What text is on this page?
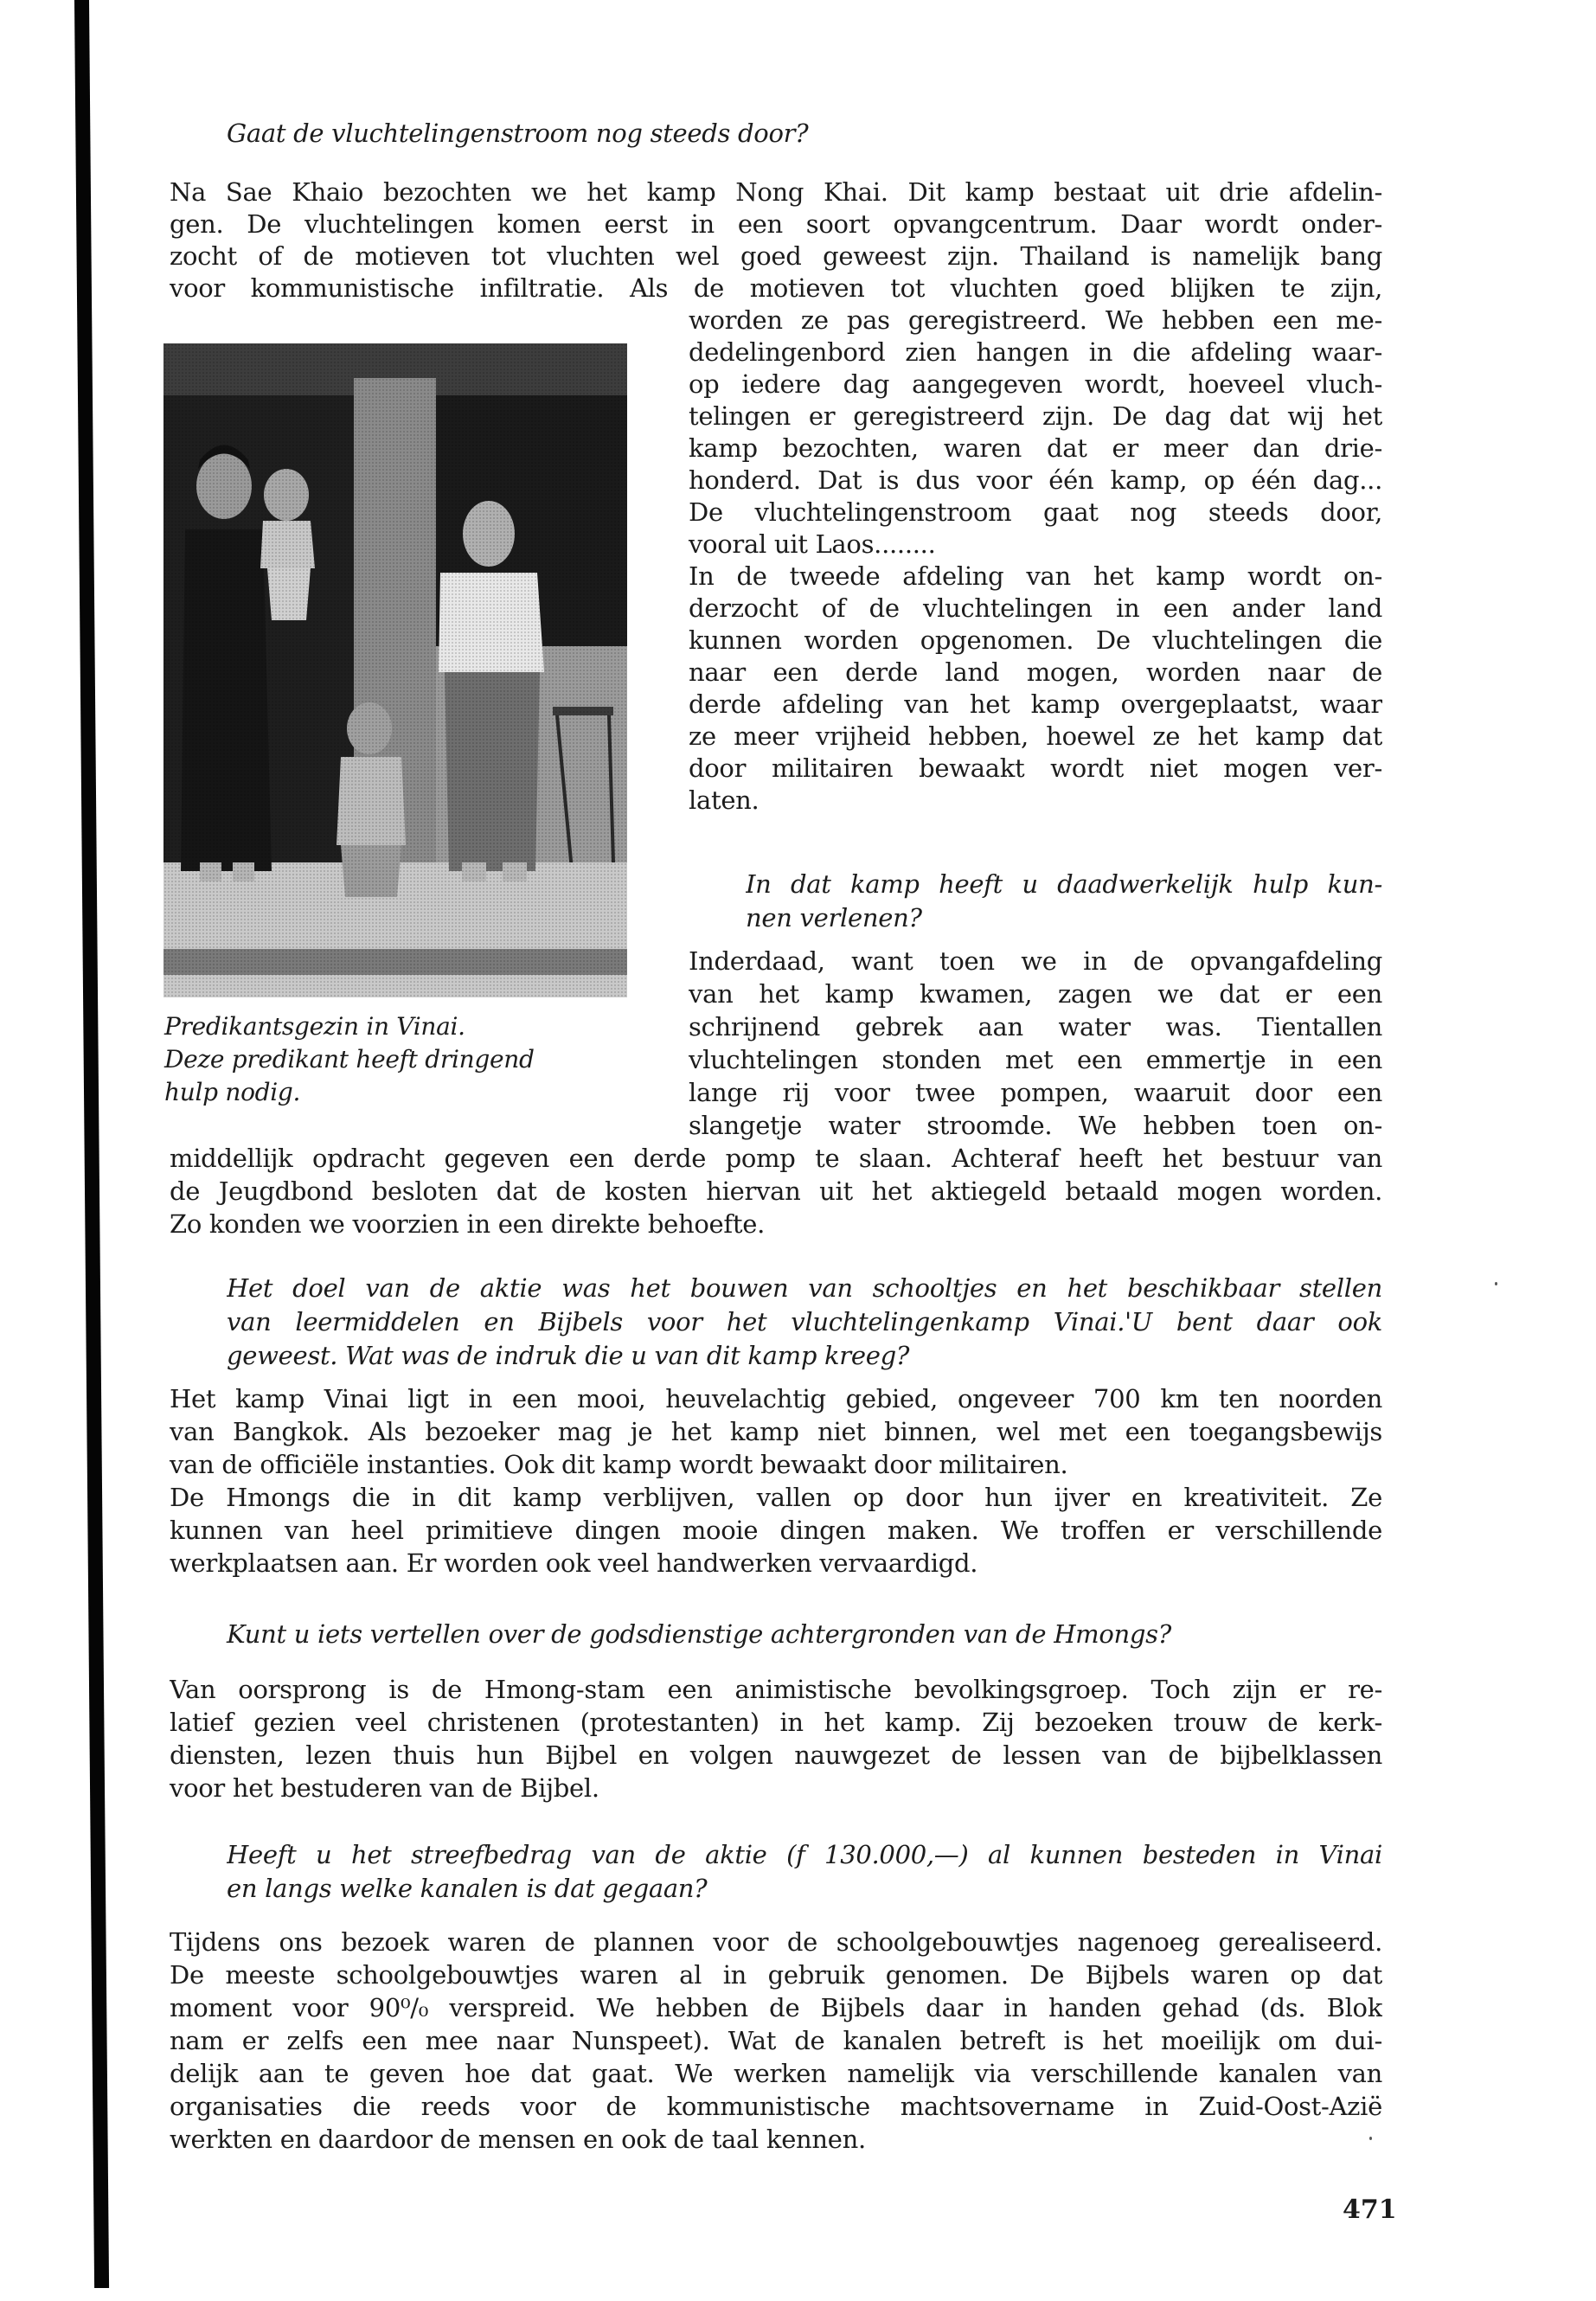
Gaat de vluchtelingenstroom nog steeds door?
Na Sae Khaio bezochten we het kamp Nong Khai. Dit kamp bestaat uit drie afdelin-
gen. De vluchtelingen komen eerst in een soort opvangcentrum. Daar wordt onder-
zocht of de motieven tot vluchten wel goed geweest zijn. Thailand is namelijk bang
voor kommunistische infiltratie. Als de motieven tot vluchten goed blijken te zijn,
Predikantsgezin in Vinai.
Deze predikant heeft dringend
hulp nodig.
worden ze pas geregistreerd. We hebben een me-
dedelingenbord zien hangen in die afdeling waar-
op iedere dag aangegeven wordt, hoeveel vluch-
telingen er geregistreerd zijn. De dag dat wij het
kamp bezochten, waren dat er meer dan drie-
honderd. Dat is dus voor één kamp, op één dag...
De vluchtelingenstroom gaat nog steeds door,
vooral uit Laos........
In de tweede afdeling van het kamp wordt on-
derzocht of de vluchtelingen in een ander land
kunnen worden opgenomen. De vluchtelingen die
naar een derde land mogen, worden naar de
derde afdeling van het kamp overgeplaatst, waar
ze meer vrijheid hebben, hoewel ze het kamp dat
door militairen bewaakt wordt niet mogen ver-
laten.
In dat kamp heeft u daadwerkelijk hulp kun-
nen verlenen?
Inderdaad, want toen we in de opvangafdeling
van het kamp kwamen, zagen we dat er een
schrijnend gebrek aan water was. Tientallen
vluchtelingen stonden met een emmertje in een
lange rij voor twee pompen, waaruit door een
slangetje water stroomde. We hebben toen on-
middellijk opdracht gegeven een derde pomp te slaan. Achteraf heeft het bestuur van
de Jeugdbond besloten dat de kosten hiervan uit het aktiegeld betaald mogen worden.
Zo konden we voorzien in een direkte behoefte.
Het doel van de aktie was het bouwen van schooltjes en het beschikbaar stellen
van leermiddelen en Bijbels voor het vluchtelingenkamp Vinai.'U bent daar ook
geweest. Wat was de indruk die u van dit kamp kreeg?
Het kamp Vinai ligt in een mooi, heuvelachtig gebied, ongeveer 700 km ten noorden
van Bangkok. Als bezoeker mag je het kamp niet binnen, wel met een toegangsbewijs
van de officiële instanties. Ook dit kamp wordt bewaakt door militairen.
De Hmongs die in dit kamp verblijven, vallen op door hun ijver en kreativiteit. Ze
kunnen van heel primitieve dingen mooie dingen maken. We troffen er verschillende
werkplaatsen aan. Er worden ook veel handwerken vervaardigd.
Kunt u iets vertellen over de godsdienstige achtergronden van de Hmongs?
Van oorsprong is de Hmong-stam een animistische bevolkingsgroep. Toch zijn er re-
latief gezien veel christenen (protestanten) in het kamp. Zij bezoeken trouw de kerk-
diensten, lezen thuis hun Bijbel en volgen nauwgezet de lessen van de bijbelklassen
voor het bestuderen van de Bijbel.
Heeft u het streefbedrag van de aktie (f 130.000,—) al kunnen besteden in Vinai
en langs welke kanalen is dat gegaan?
Tijdens ons bezoek waren de plannen voor de schoolgebouwtjes nagenoeg gerealiseerd.
De meeste schoolgebouwtjes waren al in gebruik genomen. De Bijbels waren op dat
moment voor 90⁰/₀ verspreid. We hebben de Bijbels daar in handen gehad (ds. Blok
nam er zelfs een mee naar Nunspeet). Wat de kanalen betreft is het moeilijk om dui-
delijk aan te geven hoe dat gaat. We werken namelijk via verschillende kanalen van
organisaties die reeds voor de kommunistische machtsovername in Zuid-Oost-Azië
werkten en daardoor de mensen en ook de taal kennen.
471
